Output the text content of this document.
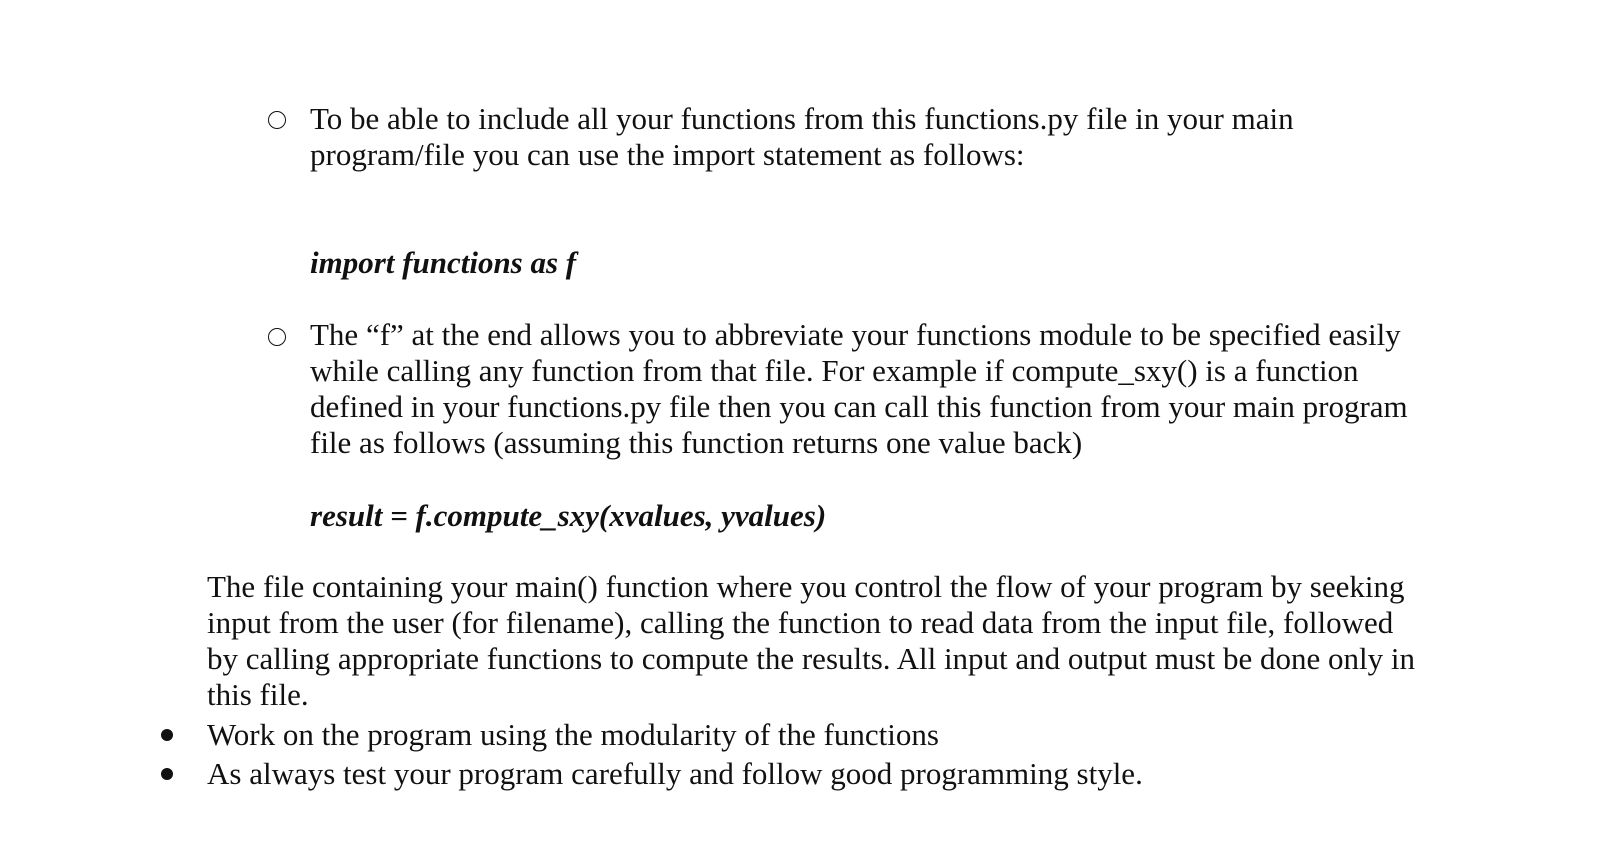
To be able to include all your functions from this functions.py file in your main
program/file you can use the import statement as follows:
import functions as f
The “f” at the end allows you to abbreviate your functions module to be specified easily
while calling any function from that file. For example if compute_sxy() is a function
defined in your functions.py file then you can call this function from your main program
file as follows (assuming this function returns one value back)
result = f.compute_sxy(xvalues, yvalues)
The file containing your main() function where you control the flow of your program by seeking
input from the user (for filename), calling the function to read data from the input file, followed
by calling appropriate functions to compute the results. All input and output must be done only in
this file.
Work on the program using the modularity of the functions
As always test your program carefully and follow good programming style.
